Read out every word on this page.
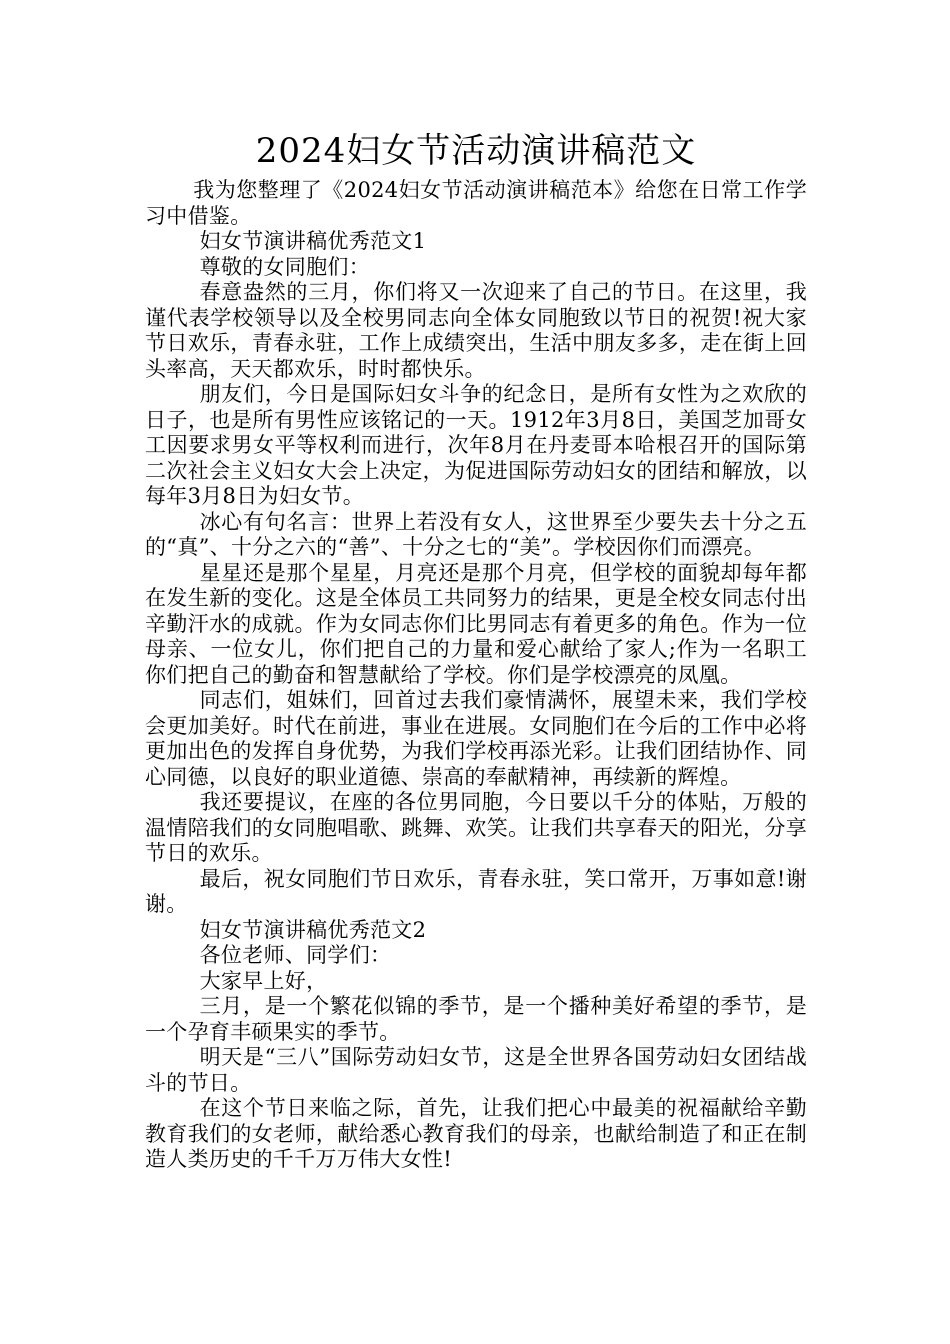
2024妇女节活动演讲稿范文

我为您整理了《2024妇女节活动演讲稿范本》给您在日常工作学习中借鉴。

妇女节演讲稿优秀范文1

尊敬的女同胞们：

春意盎然的三月，你们将又一次迎来了自己的节日。在这里，我谨代表学校领导以及全校男同志向全体女同胞致以节日的祝贺!祝大家节日欢乐，青春永驻，工作上成绩突出，生活中朋友多多，走在街上回头率高，天天都欢乐，时时都快乐。

朋友们，今日是国际妇女斗争的纪念日，是所有女性为之欢欣的日子，也是所有男性应该铭记的一天。1912年3月8日，美国芝加哥女工因要求男女平等权利而进行，次年8月在丹麦哥本哈根召开的国际第二次社会主义妇女大会上决定，为促进国际劳动妇女的团结和解放，以每年3月8日为妇女节。

冰心有句名言：世界上若没有女人，这世界至少要失去十分之五的“真”、十分之六的“善”、十分之七的“美”。学校因你们而漂亮。

星星还是那个星星，月亮还是那个月亮，但学校的面貌却每年都在发生新的变化。这是全体员工共同努力的结果，更是全校女同志付出辛勤汗水的成就。作为女同志你们比男同志有着更多的角色。作为一位母亲、一位女儿，你们把自己的力量和爱心献给了家人;作为一名职工你们把自己的勤奋和智慧献给了学校。你们是学校漂亮的凤凰。

同志们，姐妹们，回首过去我们豪情满怀，展望未来，我们学校会更加美好。时代在前进，事业在进展。女同胞们在今后的工作中必将更加出色的发挥自身优势，为我们学校再添光彩。让我们团结协作、同心同德，以良好的职业道德、崇高的奉献精神，再续新的辉煌。

我还要提议，在座的各位男同胞，今日要以千分的体贴，万般的温情陪我们的女同胞唱歌、跳舞、欢笑。让我们共享春天的阳光，分享节日的欢乐。

最后，祝女同胞们节日欢乐，青春永驻，笑口常开，万事如意!谢谢。

妇女节演讲稿优秀范文2

各位老师、同学们：

大家早上好，

三月，是一个繁花似锦的季节，是一个播种美好希望的季节，是一个孕育丰硕果实的季节。

明天是“三八”国际劳动妇女节，这是全世界各国劳动妇女团结战斗的节日。

在这个节日来临之际，首先，让我们把心中最美的祝福献给辛勤教育我们的女老师，献给悉心教育我们的母亲，也献给制造了和正在制造人类历史的千千万万伟大女性!
